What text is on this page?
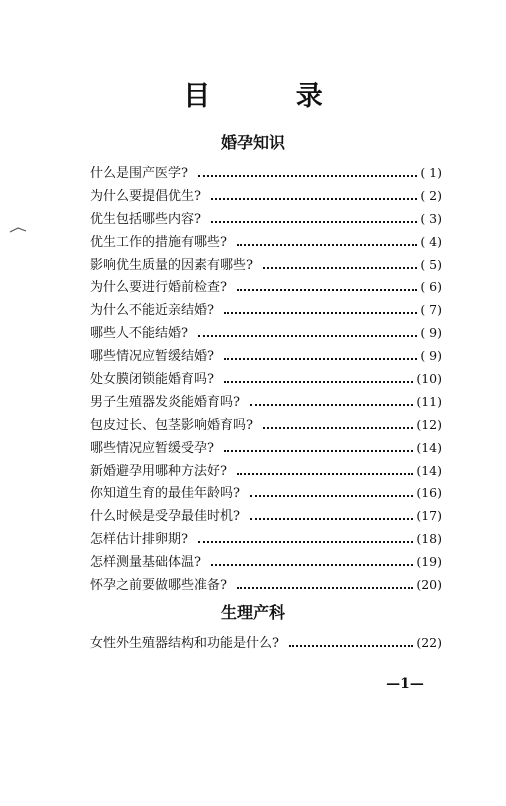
目 录
婚孕知识
什么是围产医学?	( 1)
为什么要提倡优生?	( 2)
优生包括哪些内容?	( 3)
优生工作的措施有哪些?	( 4)
影响优生质量的因素有哪些?	( 5)
为什么要进行婚前检查?	( 6)
为什么不能近亲结婚?	( 7)
哪些人不能结婚?	( 9)
哪些情况应暂缓结婚?	( 9)
处女膜闭锁能婚育吗?	(10)
男子生殖器发炎能婚育吗?	(11)
包皮过长、包茎影响婚育吗?	(12)
哪些情况应暂缓受孕?	(14)
新婚避孕用哪种方法好?	(14)
你知道生育的最佳年龄吗?	(16)
什么时候是受孕最佳时机?	(17)
怎样估计排卵期?	(18)
怎样测量基础体温?	(19)
怀孕之前要做哪些准备?	(20)
生理产科
女性外生殖器结构和功能是什么?	(22)
—1—
